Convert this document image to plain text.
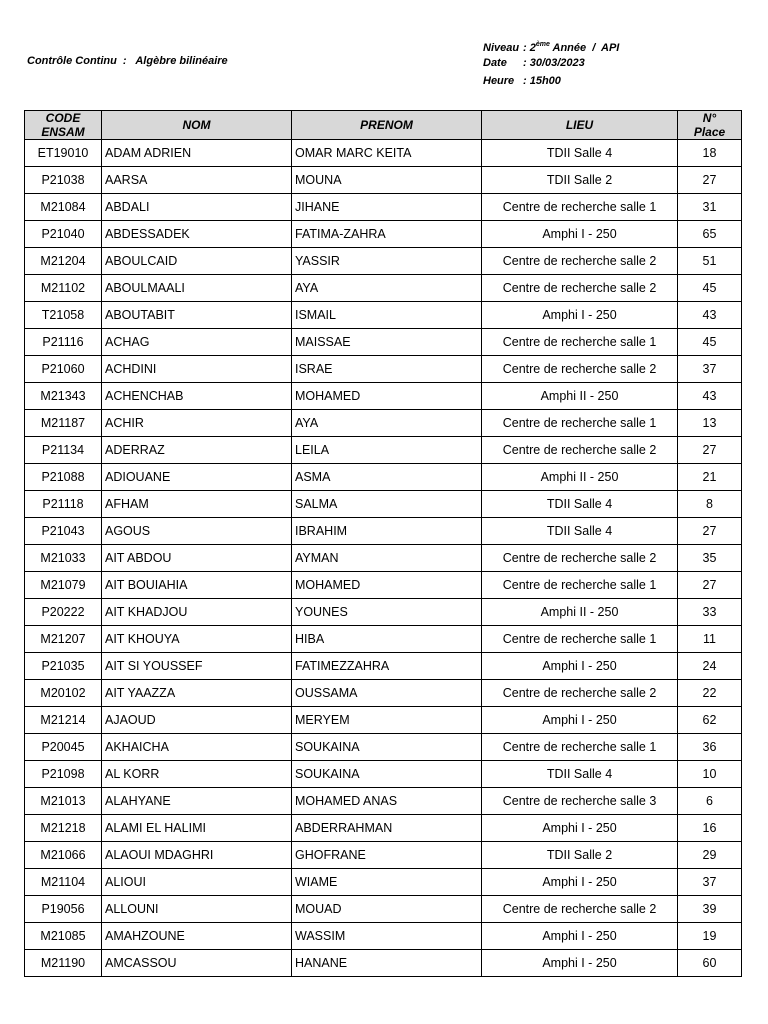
Contrôle Continu  : Algèbre bilinéaire
Niveau : 2ème Année  /  API
Date : 30/03/2023
Heure : 15h00
CODE
ENSAM	NOM	PRENOM	LIEU	N°
Place
ET19010	ADAM ADRIEN	OMAR MARC KEITA	TDII Salle 4	18
P21038	AARSA	MOUNA	TDII Salle 2	27
M21084	ABDALI	JIHANE	Centre de recherche salle 1	31
P21040	ABDESSADEK	FATIMA-ZAHRA	Amphi I - 250	65
M21204	ABOULCAID	YASSIR	Centre de recherche salle 2	51
M21102	ABOULMAALI	AYA	Centre de recherche salle 2	45
T21058	ABOUTABIT	ISMAIL	Amphi I - 250	43
P21116	ACHAG	MAISSAE	Centre de recherche salle 1	45
P21060	ACHDINI	ISRAE	Centre de recherche salle 2	37
M21343	ACHENCHAB	MOHAMED	Amphi II - 250	43
M21187	ACHIR	AYA	Centre de recherche salle 1	13
P21134	ADERRAZ	LEILA	Centre de recherche salle 2	27
P21088	ADIOUANE	ASMA	Amphi II - 250	21
P21118	AFHAM	SALMA	TDII Salle 4	8
P21043	AGOUS	IBRAHIM	TDII Salle 4	27
M21033	AIT ABDOU	AYMAN	Centre de recherche salle 2	35
M21079	AIT BOUIAHIA	MOHAMED	Centre de recherche salle 1	27
P20222	AIT KHADJOU	YOUNES	Amphi II - 250	33
M21207	AIT KHOUYA	HIBA	Centre de recherche salle 1	11
P21035	AIT SI YOUSSEF	FATIMEZZAHRA	Amphi I - 250	24
M20102	AIT YAAZZA	OUSSAMA	Centre de recherche salle 2	22
M21214	AJAOUD	MERYEM	Amphi I - 250	62
P20045	AKHAICHA	SOUKAINA	Centre de recherche salle 1	36
P21098	AL KORR	SOUKAINA	TDII Salle 4	10
M21013	ALAHYANE	MOHAMED ANAS	Centre de recherche salle 3	6
M21218	ALAMI EL HALIMI	ABDERRAHMAN	Amphi I - 250	16
M21066	ALAOUI MDAGHRI	GHOFRANE	TDII Salle 2	29
M21104	ALIOUI	WIAME	Amphi I - 250	37
P19056	ALLOUNI	MOUAD	Centre de recherche salle 2	39
M21085	AMAHZOUNE	WASSIM	Amphi I - 250	19
M21190	AMCASSOU	HANANE	Amphi I - 250	60
